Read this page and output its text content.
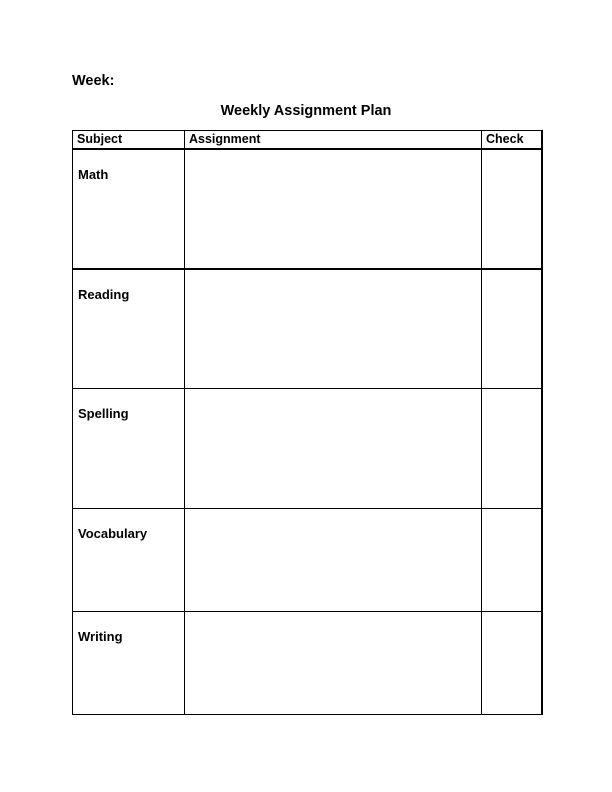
Week:
Weekly Assignment Plan
Subject	Assignment	Check
Math		
Reading		
Spelling		
Vocabulary		
Writing		
